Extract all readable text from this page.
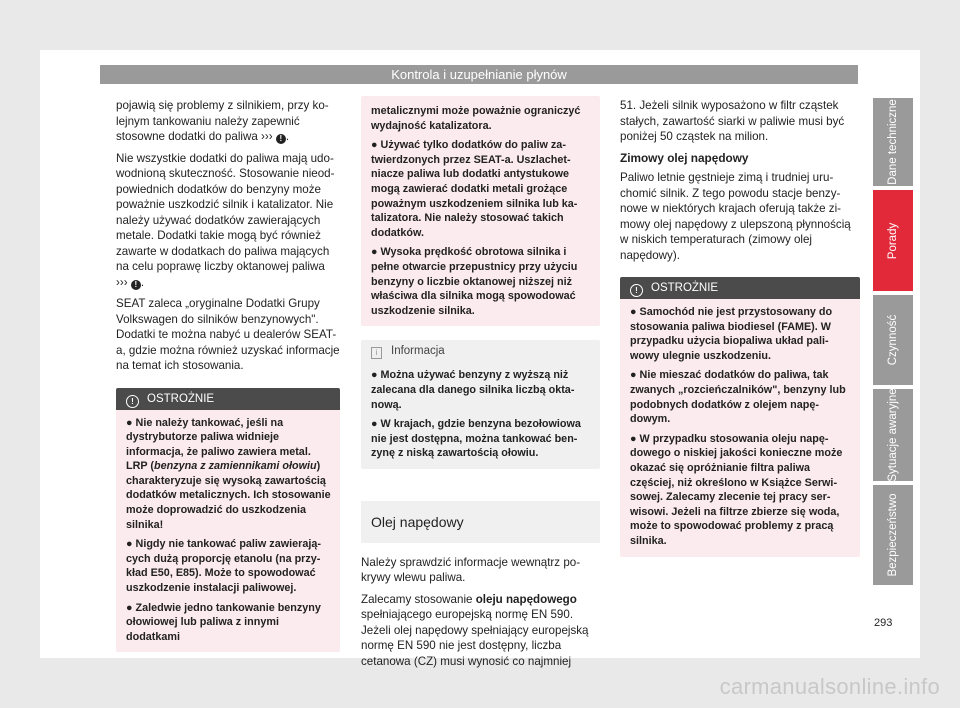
Kontrola i uzupełnianie płynów

pojawią się problemy z silnikiem, przy kolejnym tankowaniu należy zapewnić stosowne dodatki do paliwa ››› ! .

Nie wszystkie dodatki do paliwa mają udowodnioną skuteczność. Stosowanie nieodpowiednich dodatków do benzyny może poważnie uszkodzić silnik i katalizator. Nie należy używać dodatków zawierających metale. Dodatki takie mogą być również zawarte w dodatkach do paliwa mających na celu poprawę liczby oktanowej paliwa
››› ! .

SEAT zaleca „oryginalne Dodatki Grupy Volkswagen do silników benzynowych". Dodatki te można nabyć u dealerów SEAT-a, gdzie można również uzyskać informacje na temat ich stosowania.

! OSTROŻNIE

● Nie należy tankować, jeśli na dystrybutorze paliwa widnieje informacja, że paliwo zawiera metal. LRP (benzyna z zamiennikami ołowiu) charakteryzuje się wysoką zawartością dodatków metalicznych. Ich stosowanie może doprowadzić do uszkodzenia silnika!

● Nigdy nie tankować paliw zawierających dużą proporcję etanolu (na przykład E50, E85). Może to spowodować uszkodzenie instalacji paliwowej.

● Zaledwie jedno tankowanie benzyny ołowiowej lub paliwa z innymi dodatkami

metalicznymi może poważnie ograniczyć wydajność katalizatora.

● Używać tylko dodatków do paliw zatwierdzonych przez SEAT-a. Uszlachetniacze paliwa lub dodatki antystukowe mogą zawierać dodatki metali grożące poważnym uszkodzeniem silnika lub katalizatora. Nie należy stosować takich dodatków.

● Wysoka prędkość obrotowa silnika i pełne otwarcie przepustnicy przy użyciu benzyny o liczbie oktanowej niższej niż właściwa dla silnika mogą spowodować uszkodzenie silnika.

i Informacja

● Można używać benzyny z wyższą niż zalecana dla danego silnika liczbą oktanową.

● W krajach, gdzie benzyna bezołowiowa nie jest dostępna, można tankować benzynę z niską zawartością ołowiu.

Olej napędowy

Należy sprawdzić informacje wewnątrz pokrywy wlewu paliwa.

Zalecamy stosowanie oleju napędowego spełniającego europejską normę EN 590. Jeżeli olej napędowy spełniający europejską normę EN 590 nie jest dostępny, liczba cetanowa (CZ) musi wynosić co najmniej

51. Jeżeli silnik wyposażono w filtr cząstek stałych, zawartość siarki w paliwie musi być poniżej 50 cząstek na milion.

Zimowy olej napędowy

Paliwo letnie gęstnieje zimą i trudniej uruchomić silnik. Z tego powodu stacje benzynowe w niektórych krajach oferują także zimowy olej napędowy z ulepszoną płynnością w niskich temperaturach (zimowy olej napędowy).

! OSTROŻNIE

● Samochód nie jest przystosowany do stosowania paliwa biodiesel (FAME). W przypadku użycia biopaliwa układ paliwowy ulegnie uszkodzeniu.

● Nie mieszać dodatków do paliwa, tak zwanych „rozcieńczalników", benzyny lub podobnych dodatków z olejem napędowym.

● W przypadku stosowania oleju napędowego o niskiej jakości konieczne może okazać się opróżnianie filtra paliwa częściej, niż określono w Książce Serwisowej. Zalecamy zlecenie tej pracy serwisowi. Jeżeli na filtrze zbierze się woda, może to spowodować problemy z pracą silnika.

Dane techniczne
Porady
Czynność
Sytuacje awaryjne
Bezpieczeństwo
293
carmanualsonline.info
